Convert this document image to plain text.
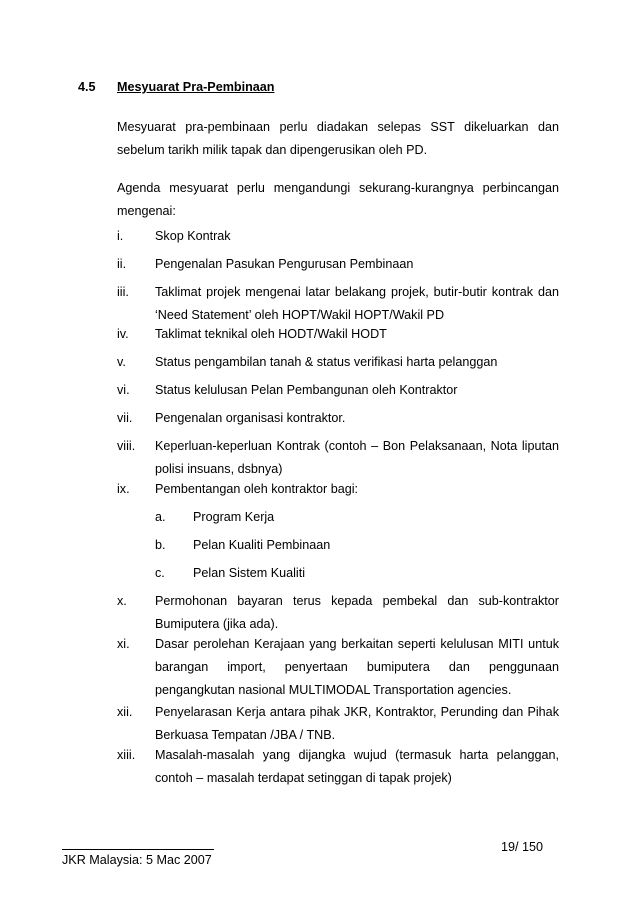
4.5 Mesyuarat Pra-Pembinaan
Mesyuarat pra-pembinaan perlu diadakan selepas SST dikeluarkan dan sebelum tarikh milik tapak dan dipengerusikan oleh PD.
Agenda mesyuarat perlu mengandungi sekurang-kurangnya perbincangan mengenai:
i.	Skop Kontrak
ii. Pengenalan Pasukan Pengurusan Pembinaan
iii. Taklimat projek mengenai latar belakang projek, butir-butir kontrak dan ‘Need Statement’ oleh HOPT/Wakil HOPT/Wakil PD
iv. Taklimat teknikal oleh HODT/Wakil HODT
v. Status pengambilan tanah & status verifikasi harta pelanggan
vi. Status kelulusan Pelan Pembangunan oleh Kontraktor
vii. Pengenalan organisasi kontraktor.
viii. Keperluan-keperluan Kontrak (contoh – Bon Pelaksanaan, Nota liputan polisi insuans, dsbnya)
ix. Pembentangan oleh kontraktor bagi:
a. Program Kerja
b. Pelan Kualiti Pembinaan
c. Pelan Sistem Kualiti
x. Permohonan bayaran terus kepada pembekal dan sub-kontraktor Bumiputera (jika ada).
xi. Dasar perolehan Kerajaan yang berkaitan seperti kelulusan MITI untuk barangan import, penyertaan bumiputera dan penggunaan pengangkutan nasional MULTIMODAL Transportation agencies.
xii. Penyelarasan Kerja antara pihak JKR, Kontraktor, Perunding dan Pihak Berkuasa Tempatan /JBA / TNB.
xiii. Masalah-masalah yang dijangka wujud (termasuk harta pelanggan, contoh – masalah terdapat setinggan di tapak projek)
19/ 150
JKR Malaysia: 5 Mac 2007
